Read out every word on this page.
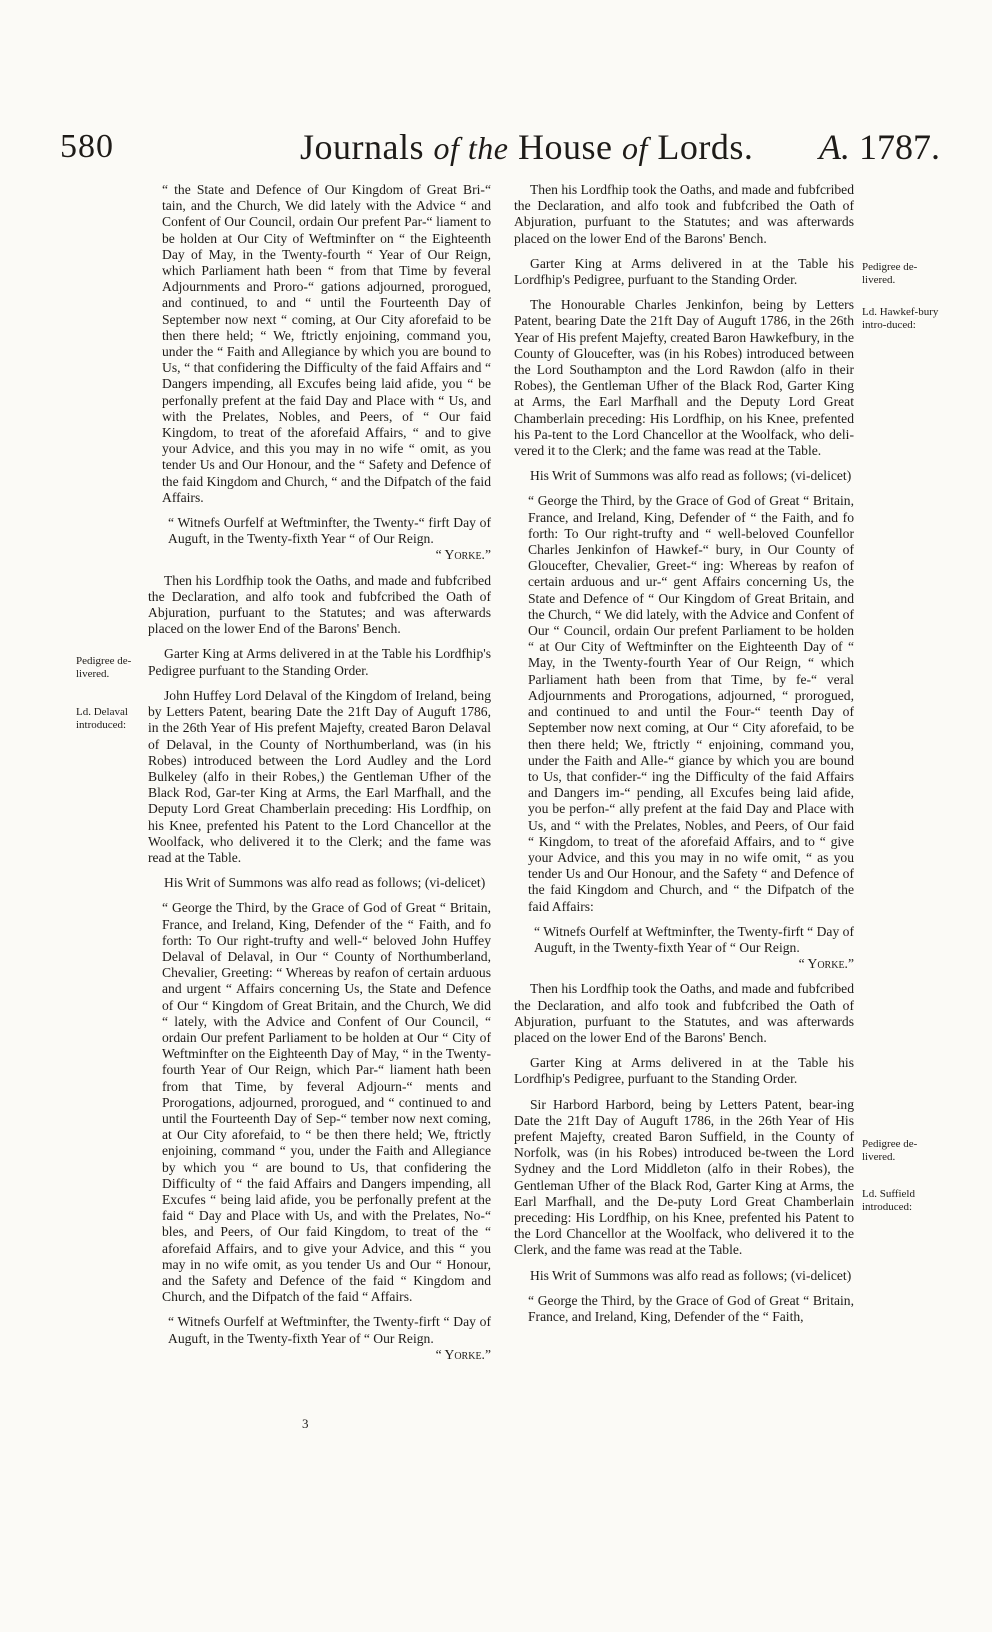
580	Journals of the House of Lords. A. 1787.
Pedigree de-livered.
Ld. Delaval introduced:
Pedigree de-livered.
Ld. Hawkef-bury intro-duced:
Pedigree de-livered.
Ld. Suffield introduced:

“ the State and Defence of Our Kingdom of Great Bri-“ tain, and the Church, We did lately with the Advice “ and Confent of Our Council, ordain Our prefent Par-“ liament to be holden at Our City of Weftminfter on “ the Eighteenth Day of May, in the Twenty-fourth “ Year of Our Reign, which Parliament hath been “ from that Time by feveral Adjournments and Proro-“ gations adjourned, prorogued, and continued, to and “ until the Fourteenth Day of September now next “ coming, at Our City aforefaid to be then there held; “ We, ftrictly enjoining, command you, under the “ Faith and Allegiance by which you are bound to Us, “ that confidering the Difficulty of the faid Affairs and “ Dangers impending, all Excufes being laid afide, you “ be perfonally prefent at the faid Day and Place with “ Us, and with the Prelates, Nobles, and Peers, of “ Our faid Kingdom, to treat of the aforefaid Affairs, “ and to give your Advice, and this you may in no wife “ omit, as you tender Us and Our Honour, and the “ Safety and Defence of the faid Kingdom and Church, “ and the Difpatch of the faid Affairs.

“ Witnefs Ourfelf at Weftminfter, the Twenty-“ firft Day of Auguft, in the Twenty-fixth Year “ of Our Reign.
“ Yorke.”

Then his Lordfhip took the Oaths, and made and fubfcribed the Declaration, and alfo took and fubfcribed the Oath of Abjuration, purfuant to the Statutes; and was afterwards placed on the lower End of the Barons' Bench.

Garter King at Arms delivered in at the Table his Lordfhip's Pedigree purfuant to the Standing Order.

John Huffey Lord Delaval of the Kingdom of Ireland, being by Letters Patent, bearing Date the 21ft Day of Auguft 1786, in the 26th Year of His prefent Majefty, created Baron Delaval of Delaval, in the County of Northumberland, was (in his Robes) introduced between the Lord Audley and the Lord Bulkeley (alfo in their Robes,) the Gentleman Ufher of the Black Rod, Gar-ter King at Arms, the Earl Marfhall, and the Deputy Lord Great Chamberlain preceding: His Lordfhip, on his Knee, prefented his Patent to the Lord Chancellor at the Woolfack, who delivered it to the Clerk; and the fame was read at the Table.

His Writ of Summons was alfo read as follows; (vi-delicet)

“ George the Third, by the Grace of God of Great “ Britain, France, and Ireland, King, Defender of the “ Faith, and fo forth: To Our right-trufty and well-“ beloved John Huffey Delaval of Delaval, in Our “ County of Northumberland, Chevalier, Greeting: “ Whereas by reafon of certain arduous and urgent “ Affairs concerning Us, the State and Defence of Our “ Kingdom of Great Britain, and the Church, We did “ lately, with the Advice and Confent of Our Council, “ ordain Our prefent Parliament to be holden at Our “ City of Weftminfter on the Eighteenth Day of May, “ in the Twenty-fourth Year of Our Reign, which Par-“ liament hath been from that Time, by feveral Adjourn-“ ments and Prorogations, adjourned, prorogued, and “ continued to and until the Fourteenth Day of Sep-“ tember now next coming, at Our City aforefaid, to “ be then there held; We, ftrictly enjoining, command “ you, under the Faith and Allegiance by which you “ are bound to Us, that confidering the Difficulty of “ the faid Affairs and Dangers impending, all Excufes “ being laid afide, you be perfonally prefent at the faid “ Day and Place with Us, and with the Prelates, No-“ bles, and Peers, of Our faid Kingdom, to treat of the “ aforefaid Affairs, and to give your Advice, and this “ you may in no wife omit, as you tender Us and Our “ Honour, and the Safety and Defence of the faid “ Kingdom and Church, and the Difpatch of the faid “ Affairs.

“ Witnefs Ourfelf at Weftminfter, the Twenty-firft “ Day of Auguft, in the Twenty-fixth Year of “ Our Reign.
“ Yorke.”

Then his Lordfhip took the Oaths, and made and fubfcribed the Declaration, and alfo took and fubfcribed the Oath of Abjuration, purfuant to the Statutes; and was afterwards placed on the lower End of the Barons' Bench.

Garter King at Arms delivered in at the Table his Lordfhip's Pedigree, purfuant to the Standing Order.

The Honourable Charles Jenkinfon, being by Letters Patent, bearing Date the 21ft Day of Auguft 1786, in the 26th Year of His prefent Majefty, created Baron Hawkefbury, in the County of Gloucefter, was (in his Robes) introduced between the Lord Southampton and the Lord Rawdon (alfo in their Robes), the Gentleman Ufher of the Black Rod, Garter King at Arms, the Earl Marfhall and the Deputy Lord Great Chamberlain preceding: His Lordfhip, on his Knee, prefented his Pa-tent to the Lord Chancellor at the Woolfack, who deli-vered it to the Clerk; and the fame was read at the Table.

His Writ of Summons was alfo read as follows; (vi-delicet)

“ George the Third, by the Grace of God of Great “ Britain, France, and Ireland, King, Defender of “ the Faith, and fo forth: To Our right-trufty and “ well-beloved Counfellor Charles Jenkinfon of Hawkef-“ bury, in Our County of Gloucefter, Chevalier, Greet-“ ing: Whereas by reafon of certain arduous and ur-“ gent Affairs concerning Us, the State and Defence of “ Our Kingdom of Great Britain, and the Church, “ We did lately, with the Advice and Confent of Our “ Council, ordain Our prefent Parliament to be holden “ at Our City of Weftminfter on the Eighteenth Day of “ May, in the Twenty-fourth Year of Our Reign, “ which Parliament hath been from that Time, by fe-“ veral Adjournments and Prorogations, adjourned, “ prorogued, and continued to and until the Four-“ teenth Day of September now next coming, at Our “ City aforefaid, to be then there held; We, ftrictly “ enjoining, command you, under the Faith and Alle-“ giance by which you are bound to Us, that confider-“ ing the Difficulty of the faid Affairs and Dangers im-“ pending, all Excufes being laid afide, you be perfon-“ ally prefent at the faid Day and Place with Us, and “ with the Prelates, Nobles, and Peers, of Our faid “ Kingdom, to treat of the aforefaid Affairs, and to “ give your Advice, and this you may in no wife omit, “ as you tender Us and Our Honour, and the Safety “ and Defence of the faid Kingdom and Church, and “ the Difpatch of the faid Affairs:

“ Witnefs Ourfelf at Weftminfter, the Twenty-firft “ Day of Auguft, in the Twenty-fixth Year of “ Our Reign.
“ Yorke.”

Then his Lordfhip took the Oaths, and made and fubfcribed the Declaration, and alfo took and fubfcribed the Oath of Abjuration, purfuant to the Statutes, and was afterwards placed on the lower End of the Barons' Bench.

Garter King at Arms delivered in at the Table his Lordfhip's Pedigree, purfuant to the Standing Order.

Sir Harbord Harbord, being by Letters Patent, bear-ing Date the 21ft Day of Auguft 1786, in the 26th Year of His prefent Majefty, created Baron Suffield, in the County of Norfolk, was (in his Robes) introduced be-tween the Lord Sydney and the Lord Middleton (alfo in their Robes), the Gentleman Ufher of the Black Rod, Garter King at Arms, the Earl Marfhall, and the De-puty Lord Great Chamberlain preceding: His Lordfhip, on his Knee, prefented his Patent to the Lord Chancellor at the Woolfack, who delivered it to the Clerk, and the fame was read at the Table.

His Writ of Summons was alfo read as follows; (vi-delicet)

“ George the Third, by the Grace of God of Great “ Britain, France, and Ireland, King, Defender of the “ Faith,

3
